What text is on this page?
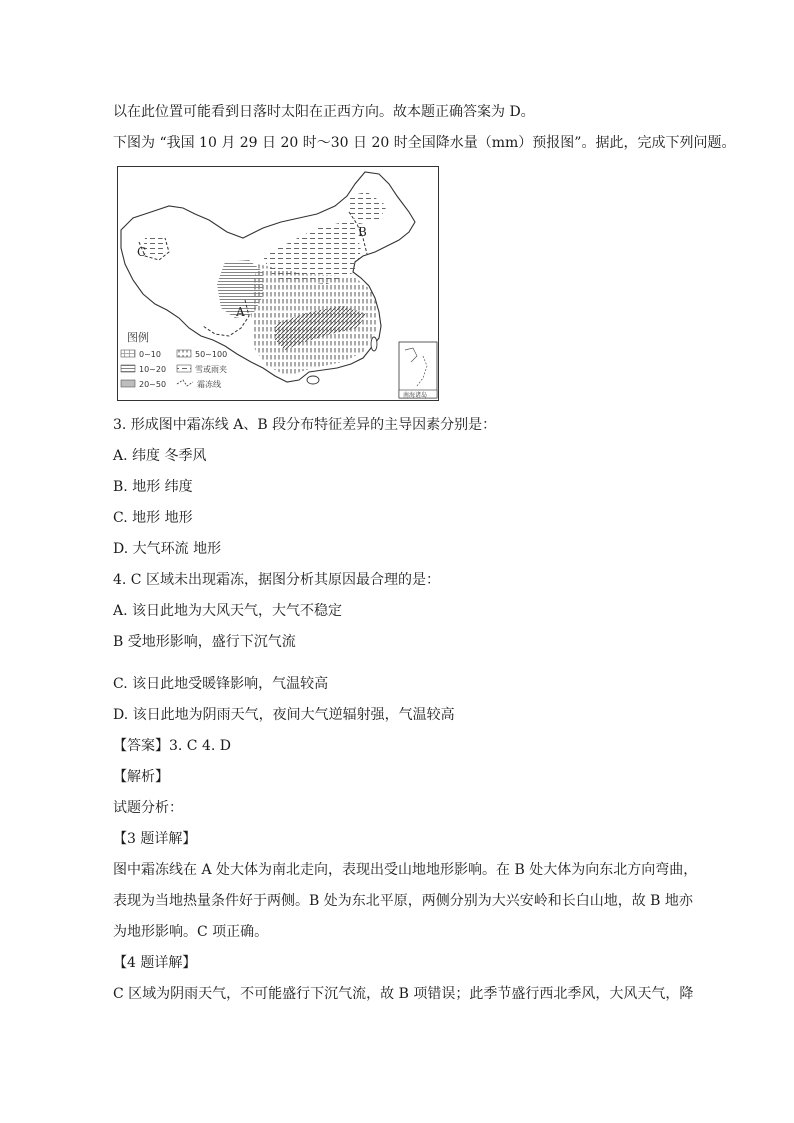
以在此位置可能看到日落时太阳在正西方向。故本题正确答案为 D。
下图为 “我国 10 月 29 日 20 时～30 日 20 时全国降水量（mm）预报图”。据此，完成下列问题。
A
B
C
图例
0~10
10~20
20~50
50~100
雪或雨夹
霜冻线
南海诸岛
3. 形成图中霜冻线 A、B 段分布特征差异的主导因素分别是：
A. 纬度 冬季风
B. 地形 纬度
C. 地形 地形
D. 大气环流 地形
4. C 区域未出现霜冻，据图分析其原因最合理的是：
A. 该日此地为大风天气，大气不稳定
B 受地形影响，盛行下沉气流
C. 该日此地受暖锋影响，气温较高
D. 该日此地为阴雨天气，夜间大气逆辐射强，气温较高
【答案】3. C 4. D
【解析】
试题分析：
【3 题详解】
图中霜冻线在 A 处大体为南北走向，表现出受山地地形影响。在 B 处大体为向东北方向弯曲，
表现为当地热量条件好于两侧。B 处为东北平原，两侧分别为大兴安岭和长白山地，故 B 地亦
为地形影响。C 项正确。
【4 题详解】
C 区域为阴雨天气，不可能盛行下沉气流，故 B 项错误；此季节盛行西北季风，大风天气，降
